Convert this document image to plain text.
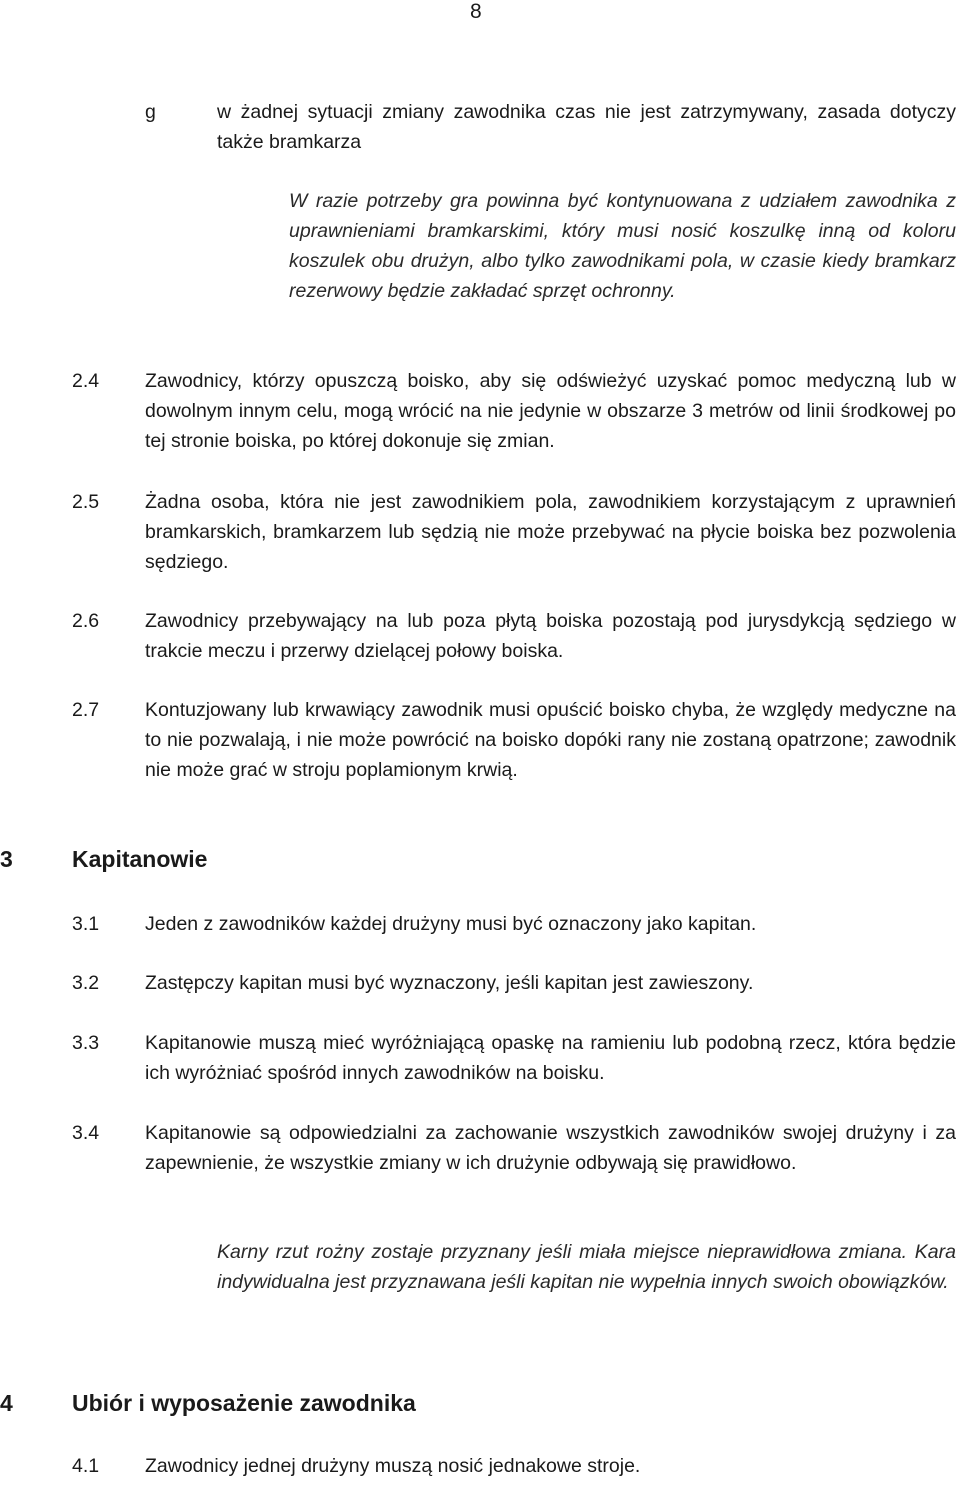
8
g	w żadnej sytuacji zmiany zawodnika czas nie jest zatrzymywany, zasada dotyczy także bramkarza
W razie potrzeby gra powinna być kontynuowana z udziałem zawodnika z uprawnieniami bramkarskimi, który musi nosić koszulkę inną od koloru koszulek obu drużyn, albo tylko zawodnikami pola, w czasie kiedy bramkarz rezerwowy będzie zakładać sprzęt ochronny.
2.4 Zawodnicy, którzy opuszczą boisko, aby się odświeżyć uzyskać pomoc medyczną lub w dowolnym innym celu, mogą wrócić na nie jedynie w obszarze 3 metrów od linii środkowej po tej stronie boiska, po której dokonuje się zmian.
2.5 Żadna osoba, która nie jest zawodnikiem pola, zawodnikiem korzystającym z uprawnień bramkarskich, bramkarzem lub sędzią nie może przebywać na płycie boiska bez pozwolenia sędziego.
2.6 Zawodnicy przebywający na lub poza płytą boiska pozostają pod jurysdykcją sędziego w trakcie meczu i przerwy dzielącej połowy boiska.
2.7 Kontuzjowany lub krwawiący zawodnik musi opuścić boisko chyba, że względy medyczne na to nie pozwalają, i nie może powrócić na boisko dopóki rany nie zostaną opatrzone; zawodnik nie może grać w stroju poplamionym krwią.
3	Kapitanowie
3.1 Jeden z zawodników każdej drużyny musi być oznaczony jako kapitan.
3.2 Zastępczy kapitan musi być wyznaczony, jeśli kapitan jest zawieszony.
3.3 Kapitanowie muszą mieć wyróżniającą opaskę na ramieniu lub podobną rzecz, która będzie ich wyróżniać spośród innych zawodników na boisku.
3.4 Kapitanowie są odpowiedzialni za zachowanie wszystkich zawodników swojej drużyny i za zapewnienie, że wszystkie zmiany w ich drużynie odbywają się prawidłowo.
Karny rzut rożny zostaje przyznany jeśli miała miejsce nieprawidłowa zmiana. Kara indywidualna jest przyznawana jeśli kapitan nie wypełnia innych swoich obowiązków.
4	Ubiór i wyposażenie zawodnika
4.1 Zawodnicy jednej drużyny muszą nosić jednakowe stroje.
